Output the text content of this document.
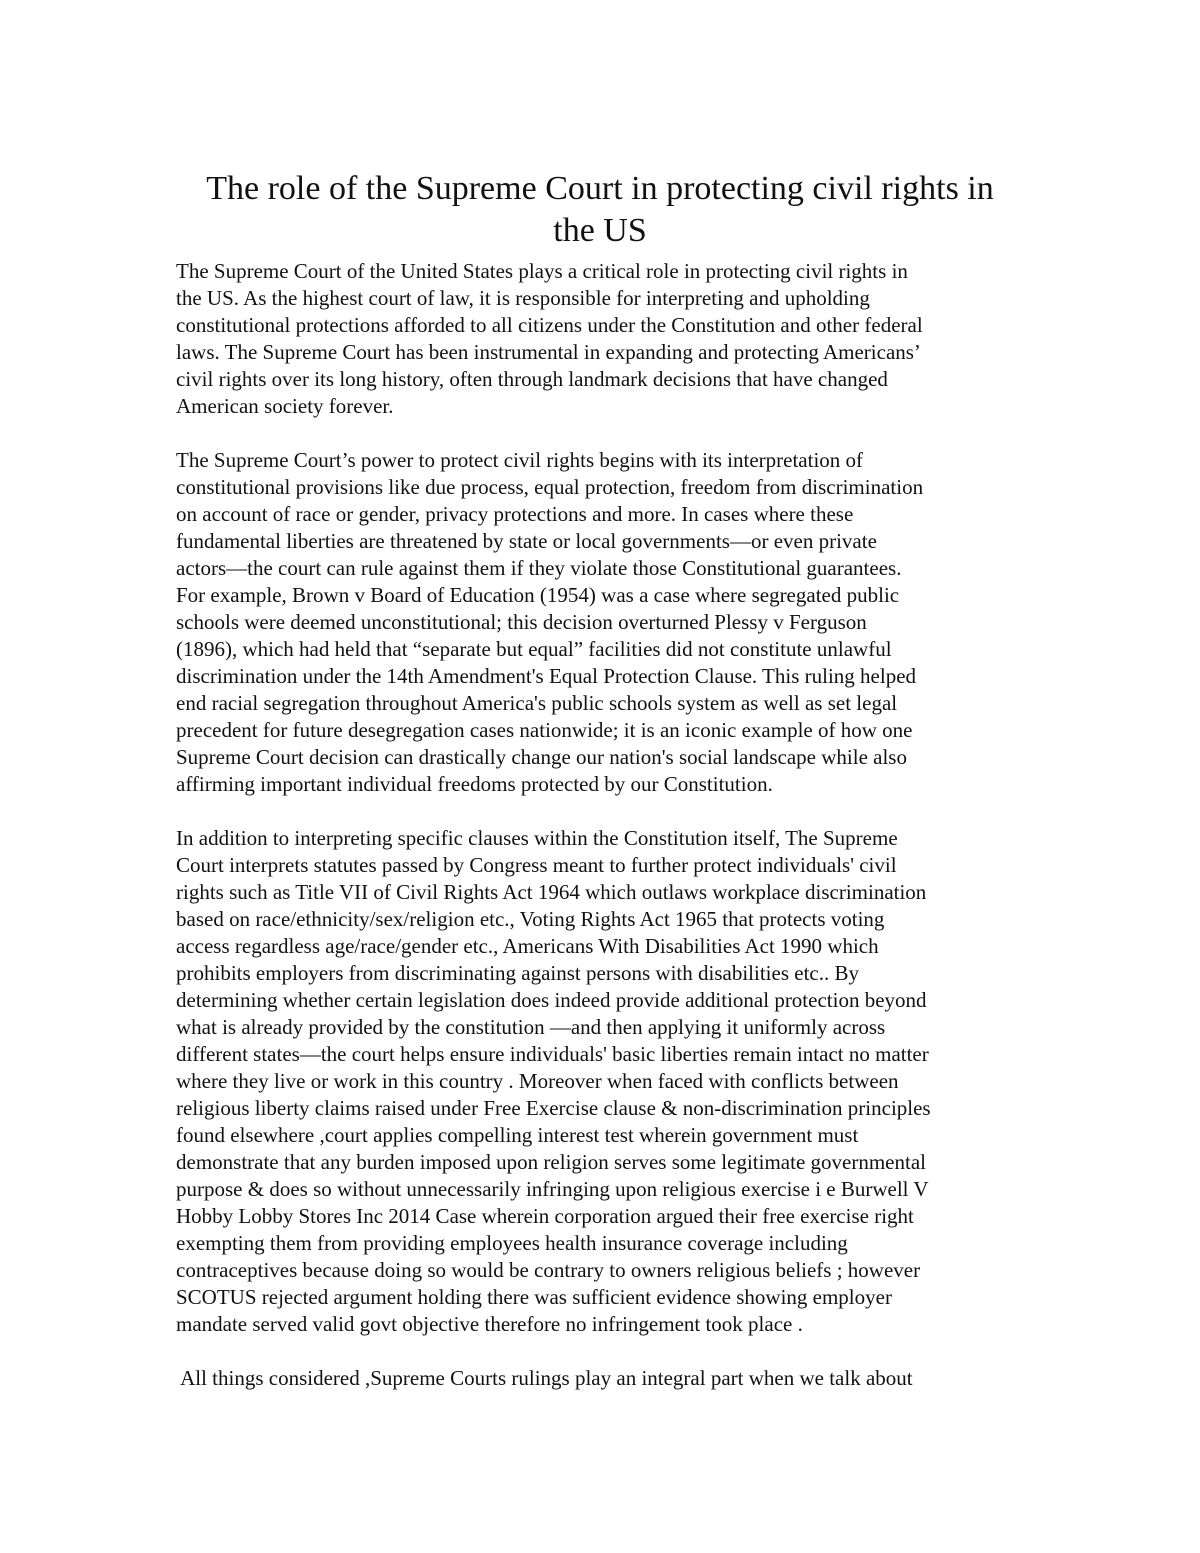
The role of the Supreme Court in protecting civil rights in
the US
The Supreme Court of the United States plays a critical role in protecting civil rights in
the US. As the highest court of law, it is responsible for interpreting and upholding
constitutional protections afforded to all citizens under the Constitution and other federal
laws. The Supreme Court has been instrumental in expanding and protecting Americans’
civil rights over its long history, often through landmark decisions that have changed
American society forever.
The Supreme Court’s power to protect civil rights begins with its interpretation of
constitutional provisions like due process, equal protection, freedom from discrimination
on account of race or gender, privacy protections and more. In cases where these
fundamental liberties are threatened by state or local governments—or even private
actors—the court can rule against them if they violate those Constitutional guarantees.
For example, Brown v Board of Education (1954) was a case where segregated public
schools were deemed unconstitutional; this decision overturned Plessy v Ferguson
(1896), which had held that “separate but equal” facilities did not constitute unlawful
discrimination under the 14th Amendment's Equal Protection Clause. This ruling helped
end racial segregation throughout America's public schools system as well as set legal
precedent for future desegregation cases nationwide; it is an iconic example of how one
Supreme Court decision can drastically change our nation's social landscape while also
affirming important individual freedoms protected by our Constitution.
In addition to interpreting specific clauses within the Constitution itself, The Supreme
Court interprets statutes passed by Congress meant to further protect individuals' civil
rights such as Title VII of Civil Rights Act 1964 which outlaws workplace discrimination
based on race/ethnicity/sex/religion etc., Voting Rights Act 1965 that protects voting
access regardless age/race/gender etc., Americans With Disabilities Act 1990 which
prohibits employers from discriminating against persons with disabilities etc.. By
determining whether certain legislation does indeed provide additional protection beyond
what is already provided by the constitution —and then applying it uniformly across
different states—the court helps ensure individuals' basic liberties remain intact no matter
where they live or work in this country . Moreover when faced with conflicts between
religious liberty claims raised under Free Exercise clause & non-discrimination principles
found elsewhere ,court applies compelling interest test wherein government must
demonstrate that any burden imposed upon religion serves some legitimate governmental
purpose & does so without unnecessarily infringing upon religious exercise i e Burwell V
Hobby Lobby Stores Inc 2014 Case wherein corporation argued their free exercise right
exempting them from providing employees health insurance coverage including
contraceptives because doing so would be contrary to owners religious beliefs ; however
SCOTUS rejected argument holding there was sufficient evidence showing employer
mandate served valid govt objective therefore no infringement took place .
All things considered ,Supreme Courts rulings play an integral part when we talk about
